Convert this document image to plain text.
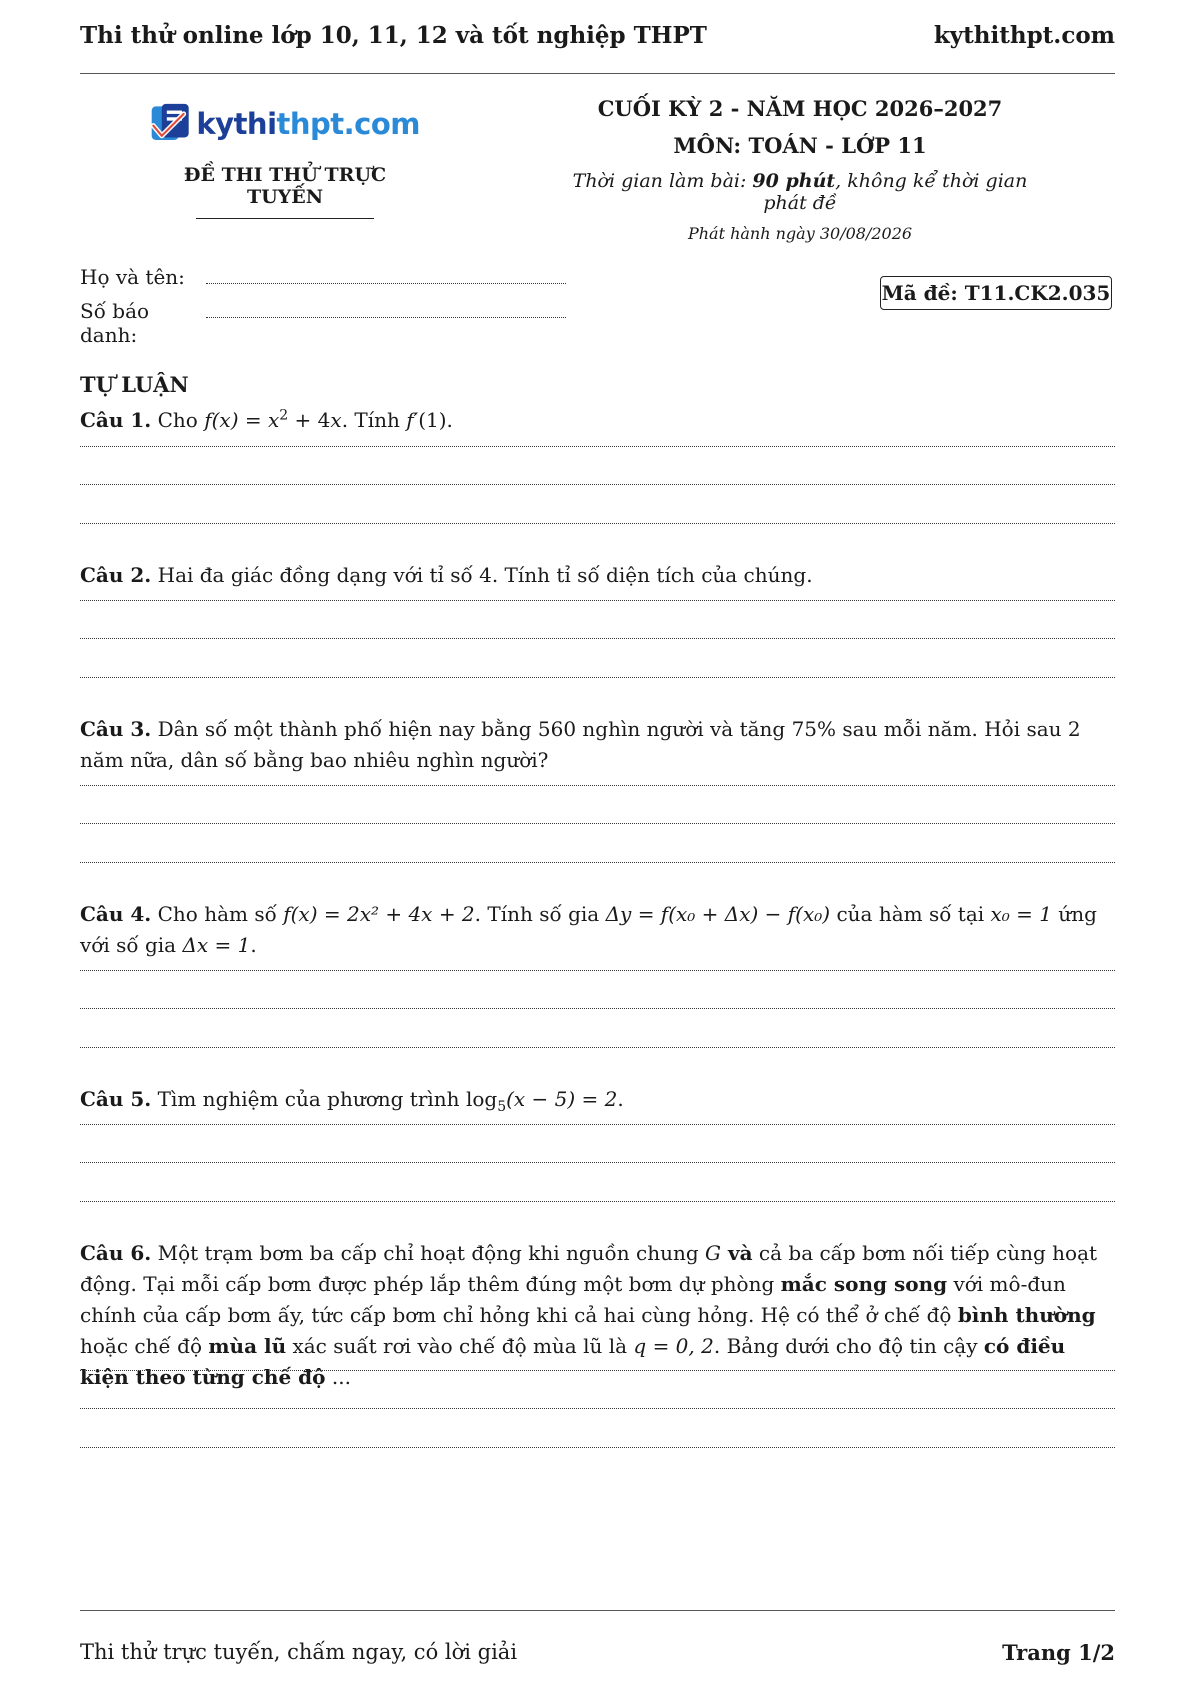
Thi thử online lớp 10, 11, 12 và tốt nghiệp THPT	kythithpt.com
kythithpt.com
ĐỀ THI THỬ TRỰC TUYẾN
CUỐI KỲ 2 - NĂM HỌC 2026–2027
MÔN: TOÁN - LỚP 11
Thời gian làm bài: 90 phút, không kể thời gian phát đề
Phát hành ngày 30/08/2026
Họ và tên:
Số báo danh:
Mã đề: T11.CK2.035
TỰ LUẬN
Câu 1. Cho $f(x) = x^2 + 4x$. Tính f′(1).
Câu 2. Hai đa giác đồng dạng với tỉ số 4. Tính tỉ số diện tích của chúng.
Câu 3. Dân số một thành phố hiện nay bằng 560 nghìn người và tăng 75% sau mỗi năm. Hỏi sau 2 năm nữa, dân số bằng bao nhiêu nghìn người?
Câu 4. Cho hàm số f(x) = 2x² + 4x + 2. Tính số gia Δy = f(x₀ + Δx) − f(x₀) của hàm số tại x₀ = 1 ứng với số gia Δx = 1.
Câu 5. Tìm nghiệm của phương trình $\log_5(x - 5) = 2$.
Câu 6. Một trạm bơm ba cấp chỉ hoạt động khi nguồn chung G và cả ba cấp bơm nối tiếp cùng hoạt động. Tại mỗi cấp bơm được phép lắp thêm đúng một bơm dự phòng mắc song song với mô-đun chính của cấp bơm ấy, tức cấp bơm chỉ hỏng khi cả hai cùng hỏng. Hệ có thể ở chế độ bình thường hoặc chế độ mùa lũ xác suất rơi vào chế độ mùa lũ là q = 0, 2. Bảng dưới cho độ tin cậy có điều kiện theo từng chế độ ...
Thi thử trực tuyến, chấm ngay, có lời giải	Trang 1/2
